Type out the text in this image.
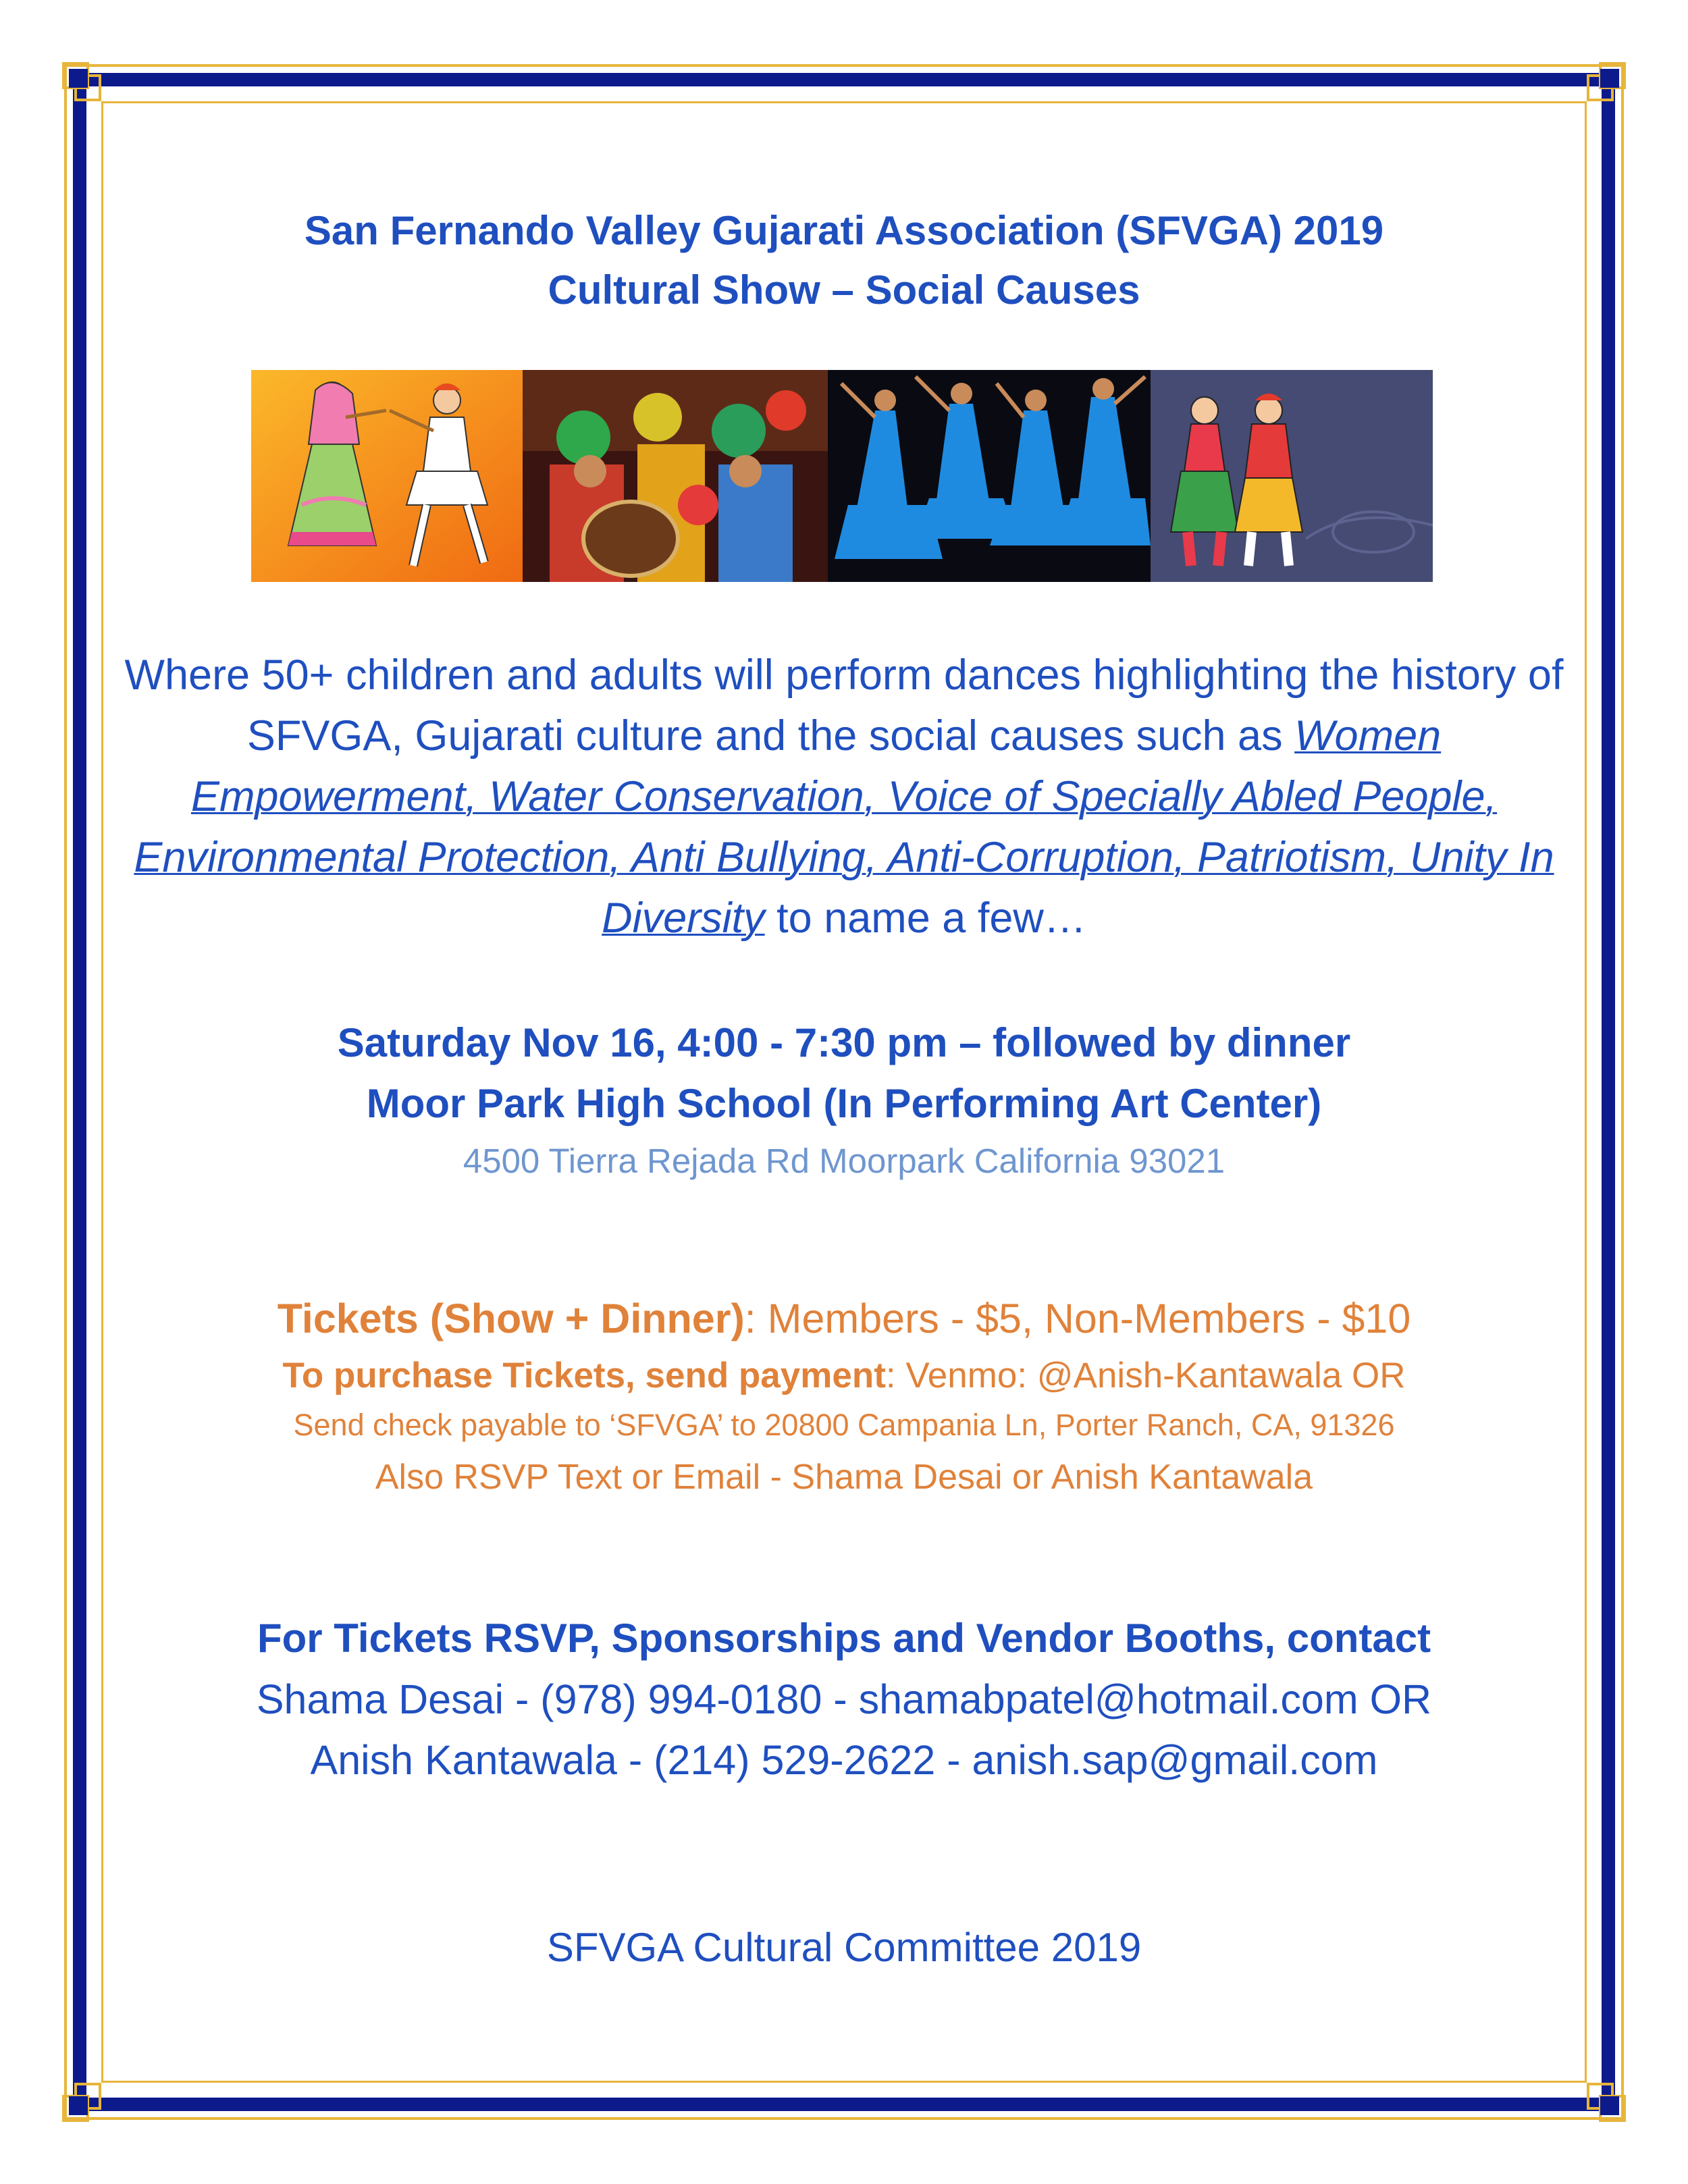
San Fernando Valley Gujarati Association (SFVGA) 2019
Cultural Show – Social Causes
Where 50+ children and adults will perform dances highlighting the history of SFVGA, Gujarati culture and the social causes such as Women Empowerment, Water Conservation, Voice of Specially Abled People, Environmental Protection, Anti Bullying, Anti-Corruption, Patriotism, Unity In Diversity to name a few…
Saturday Nov 16, 4:00 - 7:30 pm – followed by dinner
Moor Park High School (In Performing Art Center)
4500 Tierra Rejada Rd Moorpark California 93021
Tickets (Show + Dinner): Members - $5, Non-Members - $10
To purchase Tickets, send payment: Venmo: @Anish-Kantawala OR
Send check payable to ‘SFVGA’ to 20800 Campania Ln, Porter Ranch, CA, 91326
Also RSVP Text or Email - Shama Desai or Anish Kantawala
For Tickets RSVP, Sponsorships and Vendor Booths, contact
Shama Desai - (978) 994-0180 - shamabpatel@hotmail.com OR
Anish Kantawala - (214) 529-2622 - anish.sap@gmail.com
SFVGA Cultural Committee 2019
